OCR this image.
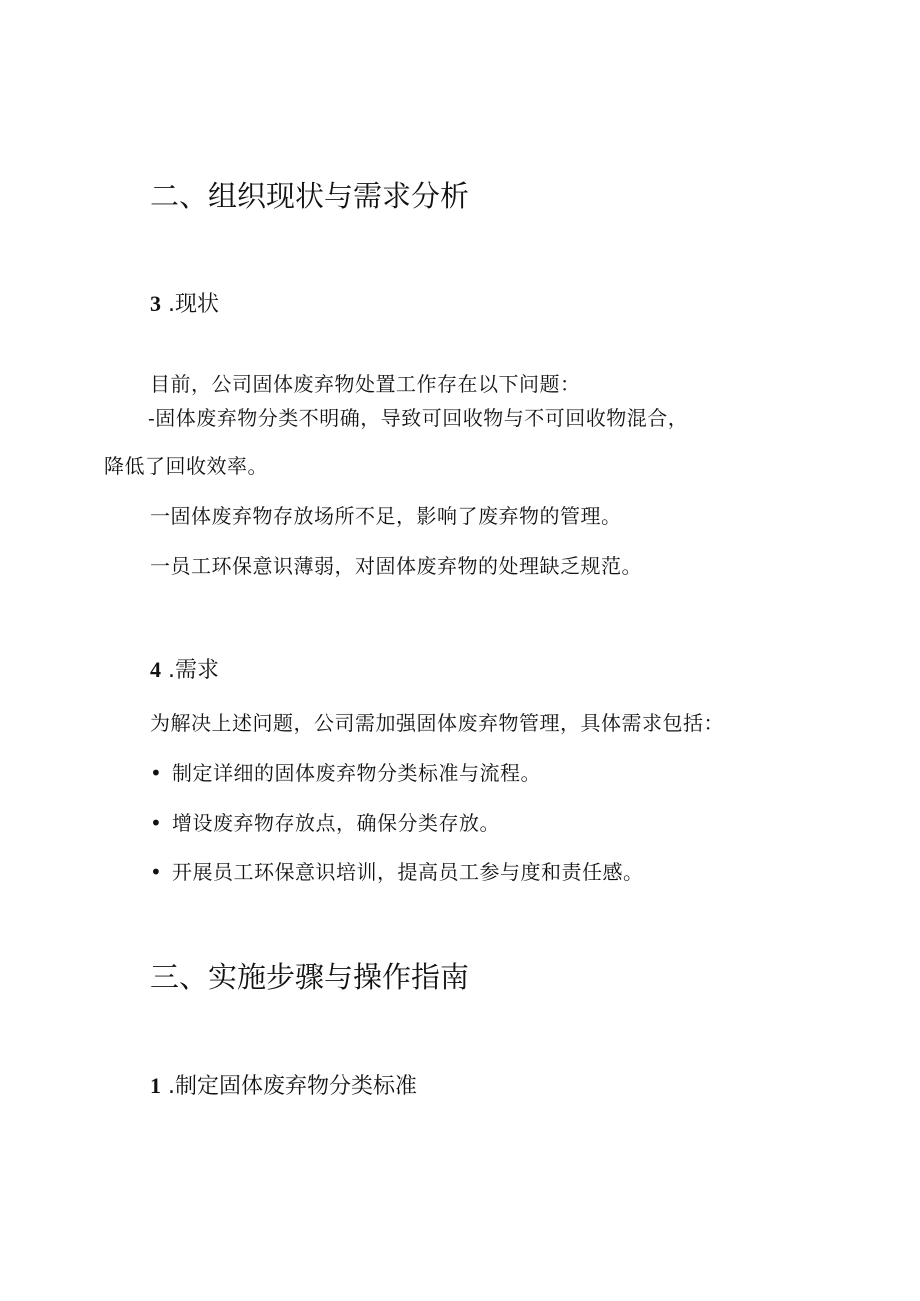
二、组织现状与需求分析
3 .现状
目前，公司固体废弃物处置工作存在以下问题：
-固体废弃物分类不明确，导致可回收物与不可回收物混合，
降低了回收效率。
一固体废弃物存放场所不足，影响了废弃物的管理。
一员工环保意识薄弱，对固体废弃物的处理缺乏规范。
4 .需求
为解决上述问题，公司需加强固体废弃物管理，具体需求包括：
• 制定详细的固体废弃物分类标准与流程。
• 增设废弃物存放点，确保分类存放。
• 开展员工环保意识培训，提高员工参与度和责任感。
三、实施步骤与操作指南
1 .制定固体废弃物分类标准
